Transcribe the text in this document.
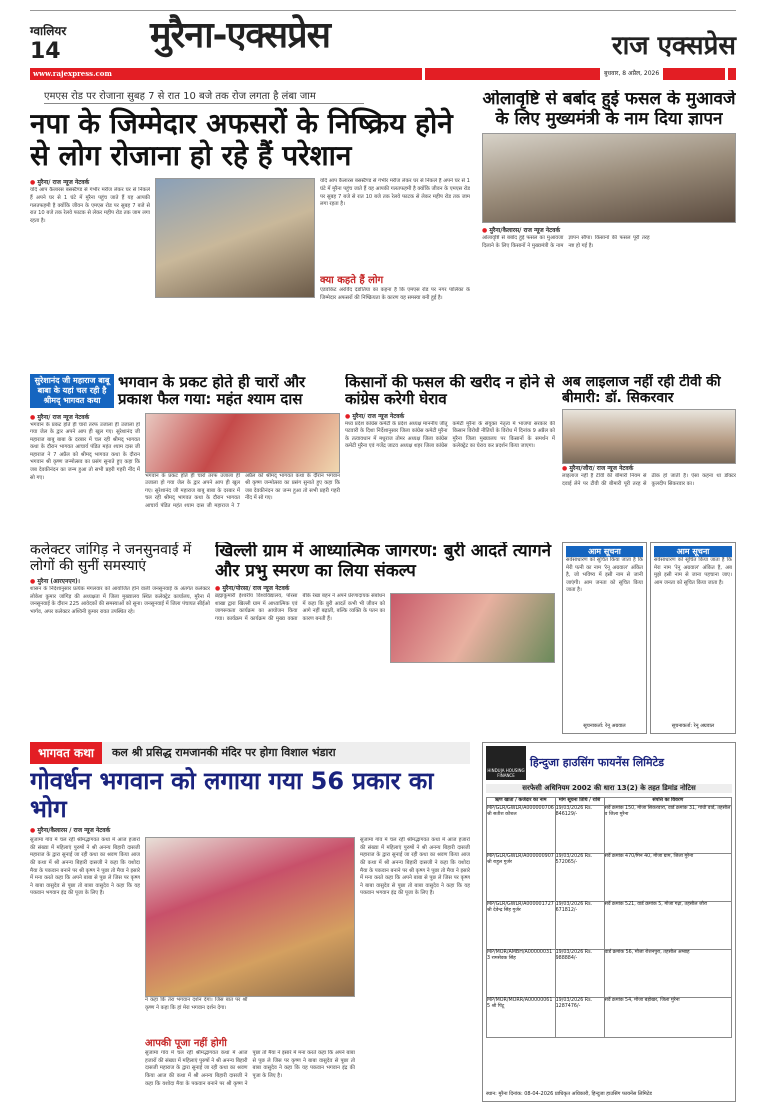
ग्वालियर
14 मुरैना-एक्सप्रेस	राज एक्सप्रेस
www.rajexpress.com	बुधवार, 8 अप्रैल, 2026
एमएस रोड पर रोजाना सुबह 7 से रात 10 बजे तक रोज लगता है लंबा जाम
नपा के जिम्मेदार अफसरों के निष्क्रिय होने से लोग रोजाना हो रहे हैं परेशान
● मुरैना/ राज न्यूज नेटवर्क
यदि आप कैलारस बसस्टैण्ड से गंभीर मरीज लेकर घर से निकले हैं अपने घर से 1 घंटे में मुरैना पहुंच जाते हैं यह आपकी गलतफहमी है क्योंकि जीवन के एमएस रोड पर सुबह 7 बजे से रात 10 बजे तक रेलवे फाटक से लेकर महीप रोड तक जाम लगा रहता है।
यदि आप कैलारस बसस्टैण्ड से गंभीर मरीज लेकर घर से निकले हैं अपने घर से 1 घंटे में मुरैना पहुंच जाते हैं यह आपकी गलतफहमी है क्योंकि जीवन के एमएस रोड पर सुबह 7 बजे से रात 10 बजे तक रेलवे फाटक से लेकर महीप रोड तक जाम लगा रहता है।
क्या कहते हैं लोग
एडवोकेट अरविंद दंडोतिया का कहना है कि एमएस रोड पर नगर पालिका के जिम्मेदार अफसरों की निष्क्रियता के कारण यह समस्या बनी हुई है।
ओलावृष्टि से बर्बाद हुई फसल के मुआवजे के लिए मुख्यमंत्री के नाम दिया ज्ञापन
● मुरैना/कैलारस/ राज न्यूज नेटवर्क
ओलावृष्टि से बर्बाद हुई फसल का मुआवजा दिलाने के लिए किसानों ने मुख्यमंत्री के नाम ज्ञापन सौंपा। किसानों की फसल पूरी तरह नष्ट हो गई है।
सुरेशानंद जी महाराज बाबू बाबा के यहां चल रही है श्रीमद् भागवत कथा
भगवान के प्रकट होते ही चारों और प्रकाश फैल गया: महंत श्याम दास
● मुरैना/ राज न्यूज नेटवर्क
भगवान के प्रकट होते ही चारों तरफ उजाला ही उजाला हो गया जेल के द्वार अपने आप ही खुल गए। सुरेशानंद जी महाराज बाबू बाबा के दरबार में चल रही श्रीमद् भागवत कथा के दौरान भागवत आचार्य पंडित महंत श्याम दास जी महाराज ने 7 अप्रैल को श्रीमद् भागवत कथा के दौरान भगवान श्री कृष्ण जन्मोत्सव का प्रसंग सुनाते हुए कहा कि जब देवकीनंदन का जन्म हुआ तो सभी प्रहरी गहरी नींद में सो गए।	भगवान के प्रकट होते ही चारों तरफ उजाला ही उजाला हो गया जेल के द्वार अपने आप ही खुल गए। सुरेशानंद जी महाराज बाबू बाबा के दरबार में चल रही श्रीमद् भागवत कथा के दौरान भागवत आचार्य पंडित महंत श्याम दास जी महाराज ने 7 अप्रैल को श्रीमद् भागवत कथा के दौरान भगवान श्री कृष्ण जन्मोत्सव का प्रसंग सुनाते हुए कहा कि जब देवकीनंदन का जन्म हुआ तो सभी प्रहरी गहरी नींद में सो गए।
किसानों की फसल की खरीद न होने से कांग्रेस करेगी घेराव
● मुरैना/ राज न्यूज नेटवर्क
मध्य प्रदेश कांग्रेस कमेटी के प्रदेश अध्यक्ष माननीय जीतू पटवारी के दिशा निर्देशानुसार जिला कांग्रेस कमेटी मुरैना के तत्वावधान में मधुराज तोमर अध्यक्ष जिला कांग्रेस कमेटी मुरैना एवं गजेंद्र जाटव अध्यक्ष शहर जिला कांग्रेस कमेटी मुरैना के संयुक्त नेतृत्व में भाजपा सरकार की किसान विरोधी नीतियों के विरोध में दिनांक 9 अप्रैल को मुरैना जिला मुख्यालय पर किसानों के समर्थन में कलेक्ट्रेट का घेराव कर प्रदर्शन किया जाएगा।
अब लाइलाज नहीं रही टीवी की बीमारी: डॉ. सिकरवार
● मुरैना/जौरा/ राज न्यूज नेटवर्क
लाइलाज नहीं है टीवी की बीमारी नियम से दवाई लेने पर टीवी की बीमारी पूरी तरह से ठीक हो जाती है। ऐसा कहना था डॉक्टर कुलदीप सिकरवार का।
कलेक्टर जांगिड़ ने जनसुनवाई में लोगों की सुनीं समस्याएं
● मुरैना (आरएनएन)।
शासन के निर्देशानुसार प्रत्येक मंगलवार को आयोजित होने वाली जनसुनवाई के अंतर्गत कलेक्टर लोकेश कुमार जांगिड़ की अध्यक्षता में जिला मुख्यालय स्थित कलेक्ट्रेट कार्यालय, मुरैना में जनसुनवाई के दौरान 225 आवेदकों की समस्याओं को सुना। जनसुनवाई में जिला पंचायत सीईओ भार्गव, अपर कलेक्टर अश्विनी कुमार रावत उपस्थित रहे।
खिल्ली ग्राम में आध्यात्मिक जागरण: बुरी आदतें त्यागने और प्रभु स्मरण का लिया संकल्प
● मुरैना/पोरसा/ राज न्यूज नेटवर्क
ब्रह्माकुमारी ईश्वरीय विश्वविद्यालय, पोरसा शाखा द्वारा खिल्ली ग्राम में आध्यात्मिक एवं जागरूकता कार्यक्रम का आयोजन किया गया। कार्यक्रम में कार्यक्रम की मुख्य वक्ता बीके रेखा बहन ने अपने प्रेरणादायक संबोधन में कहा कि बुरी आदतें कभी भी जीवन को आगे नहीं बढ़ाती, बल्कि व्यक्ति के पतन का कारण बनती हैं।
आम सूचना
सर्वसाधारण को सूचित किया जाता है कि मेरी पत्नी का नाम 'रेनू अग्रवाल' अंकित है, जो भविष्य में इसी नाम से जानी जाएंगी। आम जनता को सूचित किया जाता है।
सूचनाकर्ता: रेनू अग्रवाल
आम सूचना
सर्वसाधारण को सूचित किया जाता है कि मेरा नाम 'रेनू अग्रवाल' अंकित है, अब मुझे इसी नाम से जाना पहचाना जाए। आम जनता को सूचित किया जाता है।
सूचनाकर्ता: रेनू अग्रवाल
भागवत कथा	कल श्री प्रसिद्ध रामजानकी मंदिर पर होगा विशाल भंडारा
गोवर्धन भगवान को लगाया गया 56 प्रकार का भोग
● मुरैना/कैलारस / राज न्यूज नेटवर्क
सुजामा गांव में चल रही श्रीमद्भागवत कथा में आज हजारों की संख्या में महिलाएं पुरुषों ने श्री अनन्य बिहारी दासजी महाराज के द्वारा सुनाई जा रही कथा का श्रवण किया आज की कथा में श्री अनन्य बिहारी दासजी ने कहा कि यशोदा मैया के पकवान बनाने पर श्री कृष्ण ने पूछा तो मैया ने इसारे में मना करते कहा कि अपने बाबा से पूछ ले जिस पर कृष्ण ने बाबा वासुदेव से पूछा तो बाबा वासुदेव ने कहा कि यह पकवान भगवान इंद्र की पूजा के लिए है।
ने कहा कि तेरा भगवान दर्शन देगा। जिस बात पर श्री कृष्ण ने कहा कि हां मेरा भगवान दर्शन देगा।
आपकी पूजा नहीं होगी
सुजामा गांव में चल रही श्रीमद्भागवत कथा में आज हजारों की संख्या में महिलाएं पुरुषों ने श्री अनन्य बिहारी दासजी महाराज के द्वारा सुनाई जा रही कथा का श्रवण किया आज की कथा में श्री अनन्य बिहारी दासजी ने कहा कि यशोदा मैया के पकवान बनाने पर श्री कृष्ण ने पूछा तो मैया ने इसारे में मना करते कहा कि अपने बाबा से पूछ ले जिस पर कृष्ण ने बाबा वासुदेव से पूछा तो बाबा वासुदेव ने कहा कि यह पकवान भगवान इंद्र की पूजा के लिए है।
सुजामा गांव में चल रही श्रीमद्भागवत कथा में आज हजारों की संख्या में महिलाएं पुरुषों ने श्री अनन्य बिहारी दासजी महाराज के द्वारा सुनाई जा रही कथा का श्रवण किया आज की कथा में श्री अनन्य बिहारी दासजी ने कहा कि यशोदा मैया के पकवान बनाने पर श्री कृष्ण ने पूछा तो मैया ने इसारे में मना करते कहा कि अपने बाबा से पूछ ले जिस पर कृष्ण ने बाबा वासुदेव से पूछा तो बाबा वासुदेव ने कहा कि यह पकवान भगवान इंद्र की पूजा के लिए है।
HINDUJA HOUSING FINANCE
हिन्दुजा हाउसिंग फायनेंस लिमिटेड
सरफेसी अधिनियम 2002 की धारा 13(2) के तहत डिमांड नोटिस
ऋण खाता / कर्जदार का नाम	मांग सूचना तिथि / राशि	संपत्ति का विवरण
MP/GLR/GWLR/A000000706 श्री सतीश कौशल	19/03/2026 Rs. 846129/-	सर्वे क्रमांक 150, मौजा सिकरवारा, वार्ड क्रमांक 31, गांधी वार्ड, तहसील व जिला मुरैना
MP/GLR/GWLR/A000000907 श्री राहुल गुर्जर	19/03/2026 Rs. 572065/-	सर्वे क्रमांक 470/मिन 40, मौजा ग्राम, जिला मुरैना
MP/GLR/GWLR/A000001727 श्री देवेन्द्र सिंह गुर्जर	19/03/2026 Rs. 671812/-	सर्वे क्रमांक 521, वार्ड क्रमांक 5, मौजा गढ़ा, तहसील जौरा
MP/MOR/AMBH/A000000313 रामसेवक सिंह	19/03/2026 Rs. 988884/-	वार्ड क्रमांक 56, मौजा रोशनपुरा, तहसील अम्बाह
MP/MOR/MORR/A000000615 श्री पिंटू	19/03/2026 Rs. 1287476/-	सर्वे क्रमांक 54, मौजा बड़ोखर, जिला मुरैना
स्थान: मुरैना दिनांक: 08-04-2026 प्राधिकृत अधिकारी, हिन्दुजा हाउसिंग फायनेंस लिमिटेड
